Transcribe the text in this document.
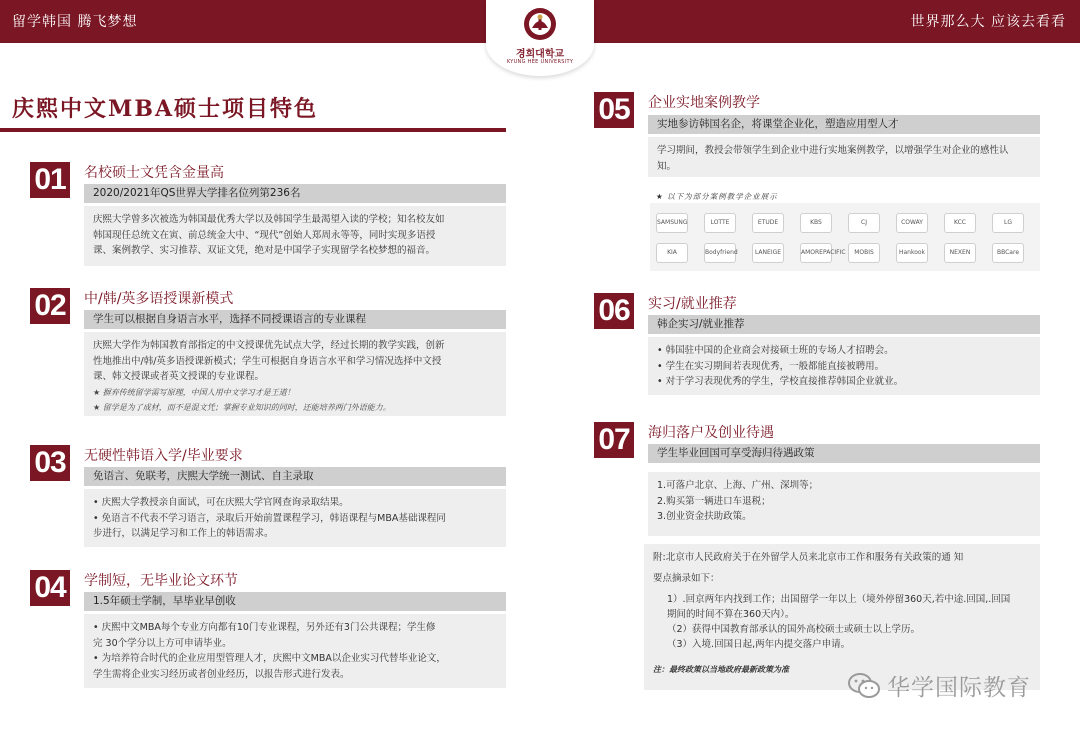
留学韩国 腾飞梦想	世界那么大 应该去看看
경희대학교
KYUNG HEE UNIVERSITY
庆熙中文MBA硕士项目特色
01	名校硕士文凭含金量高
2020/2021年QS世界大学排名位列第236名

庆熙大学曾多次被选为韩国最优秀大学以及韩国学生最渴望入读的学校；知名校友如

韩国现任总统文在寅、前总统金大中、“现代”创始人郑周永等等，同时实现多语授

课、案例教学、实习推荐、双证文凭，绝对是中国学子实现留学名校梦想的福音。

02	中/韩/英多语授课新模式
学生可以根据自身语言水平，选择不同授课语言的专业课程

庆熙大学作为韩国教育部指定的中文授课优先试点大学，经过长期的教学实践，创新

性地推出中/韩/英多语授课新模式；学生可根据自身语言水平和学习情况选择中文授

课、韩文授课或者英文授课的专业课程。

★ 摒弃传统留学需写原理，中国人用中文学习才是王道！

★ 留学是为了成材，而不是混文凭；掌握专业知识的同时，还能培养两门外语能力。

03	无硬性韩语入学/毕业要求
免语言、免联考，庆熙大学统一测试、自主录取

• 庆熙大学教授亲自面试，可在庆熙大学官网查询录取结果。

• 免语言不代表不学习语言，录取后开始前置课程学习，韩语课程与MBA基础课程同

步进行，以满足学习和工作上的韩语需求。

04	学制短，无毕业论文环节
1.5年硕士学制，早毕业早创收

• 庆熙中文MBA每个专业方向都有10门专业课程，另外还有3门公共课程；学生修

完 30个学分以上方可申请毕业。

• 为培养符合时代的企业应用型管理人才，庆熙中文MBA以企业实习代替毕业论文，

学生需将企业实习经历或者创业经历，以报告形式进行发表。

05	企业实地案例教学
实地参访韩国名企，将课堂企业化，塑造应用型人才

学习期间，教授会带领学生到企业中进行实地案例教学，以增强学生对企业的感性认

知。

★ 以下为部分案例教学企业展示
SAMSUNG	LOTTE	ETUDE	KBS	CJ	COWAY	KCC	LG
KIA	Bodyfriend	LANEIGE	AMOREPACIFIC	MOBIS	Hankook	NEXEN	BBCare
06	实习/就业推荐
韩企实习/就业推荐

• 韩国驻中国的企业商会对接硕士班的专场人才招聘会。

• 学生在实习期间若表现优秀，一般都能直接被聘用。

• 对于学习表现优秀的学生，学校直接推荐韩国企业就业。

07	海归落户及创业待遇
学生毕业回国可享受海归待遇政策

1.可落户北京、上海、广州、深圳等；

2.购买第一辆进口车退税；

3.创业资金扶助政策。

附:北京市人民政府关于在外留学人员来北京市工作和服务有关政策的通 知

要点摘录如下：

1）.回京两年内找到工作；出国留学一年以上（境外停留360天,若中途.回国,.回国

期间的时间不算在360天内）。

（2）获得中国教育部承认的国外高校硕士或硕士以上学历。

（3）入境.回国日起,两年内提交落户申请。

注：最终政策以当地政府最新政策为准

华学国际教育
